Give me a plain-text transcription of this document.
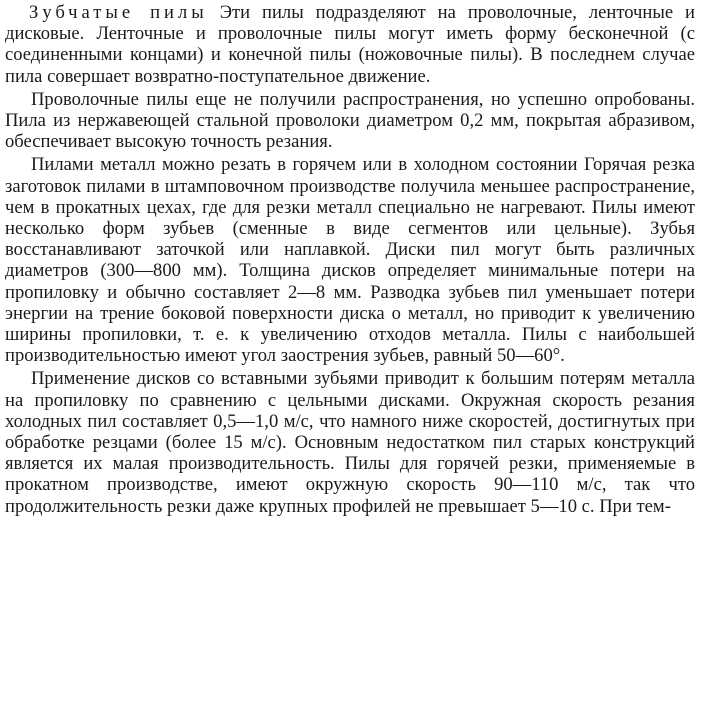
Зубчатые пилы Эти пилы подразделяют на проволочные, ленточные и дисковые. Ленточные и проволочные пилы могут иметь форму бесконечной (с соединенными концами) и конечной пилы (ножовочные пилы). В последнем случае пила совершает возвратно-поступательное движение.

Проволочные пилы еще не получили распространения, но успешно опробованы. Пила из нержавеющей стальной проволоки диаметром 0,2 мм, покрытая абразивом, обеспечивает высокую точность резания.

Пилами металл можно резать в горячем или в холодном состоянии Горячая резка заготовок пилами в штамповочном производстве получила меньшее распространение, чем в прокатных цехах, где для резки металл специально не нагревают. Пилы имеют несколько форм зубьев (сменные в виде сегментов или цельные). Зубья восстанавливают заточкой или наплавкой. Диски пил могут быть различных диаметров (300—800 мм). Толщина дисков определяет минимальные потери на пропиловку и обычно составляет 2—8 мм. Разводка зубьев пил уменьшает потери энергии на трение боковой поверхности диска о металл, но приводит к увеличению ширины пропиловки, т. е. к увеличению отходов металла. Пилы с наибольшей производительностью имеют угол заострения зубьев, равный 50—60°.

Применение дисков со вставными зубьями приводит к большим потерям металла на пропиловку по сравнению с цельными дисками. Окружная скорость резания холодных пил составляет 0,5—1,0 м/с, что намного ниже скоростей, достигнутых при обработке резцами (более 15 м/с). Основным недостатком пил старых конструкций является их малая производительность. Пилы для горячей резки, применяемые в прокатном производстве, имеют окружную скорость 90—110 м/с, так что продолжительность резки даже крупных профилей не превышает 5—10 с. При тем-
